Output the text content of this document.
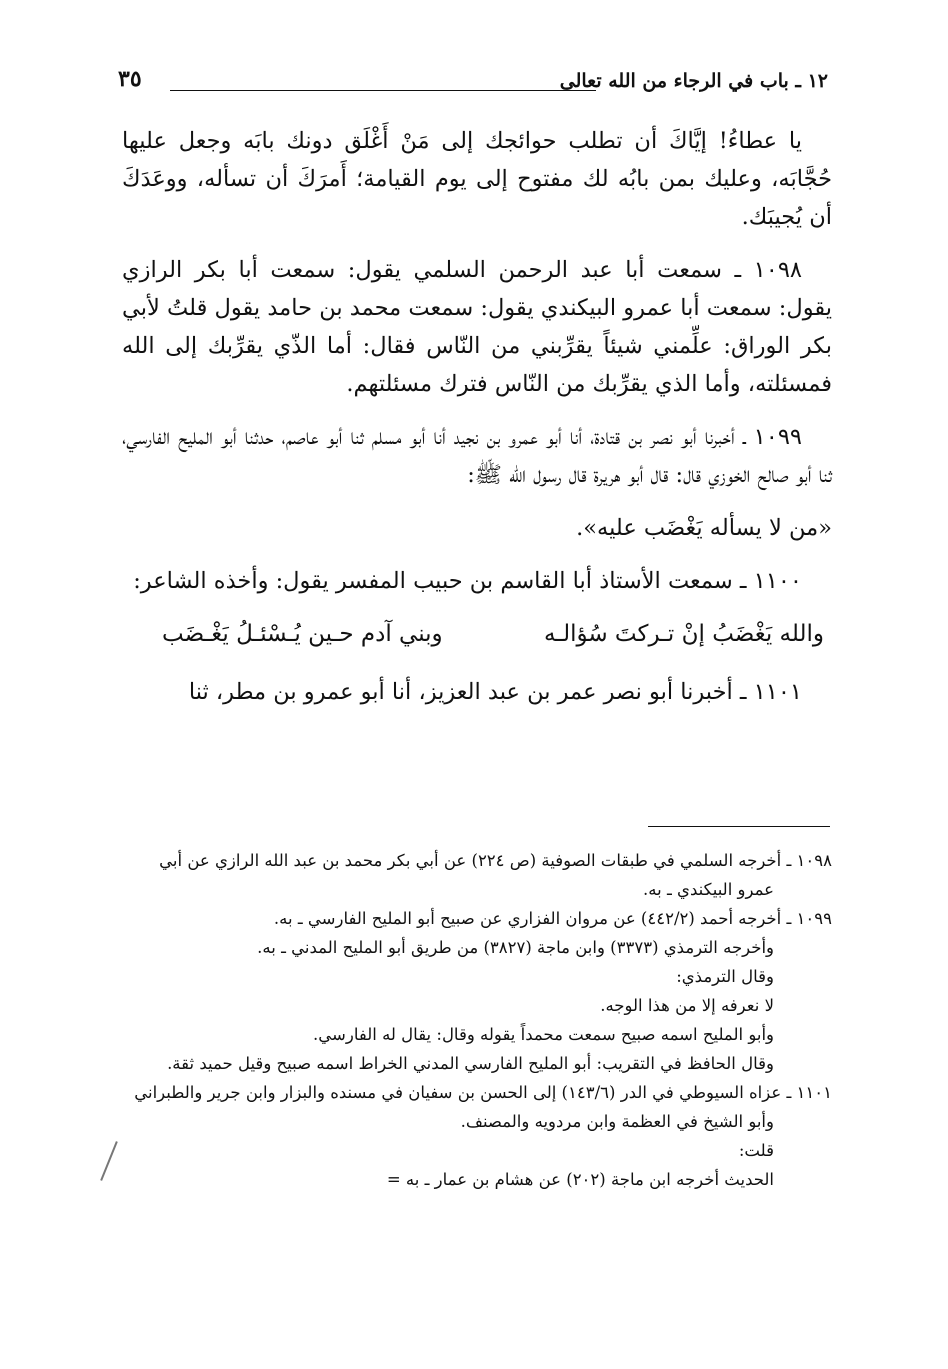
١٢ ـ باب في الرجاء من الله تعالى
٣٥

يا عطاءُ! إيَّاكَ أن تطلب حوائجك إلى مَنْ أَغْلَق دونك بابَه وجعل عليها حُجَّابَه، وعليك بمن بابُه لك مفتوح إلى يوم القيامة؛ أَمرَكَ أن تسأله، ووعَدَكَ أن يُجيبَك.

١٠٩٨ ـ سمعت أبا عبد الرحمن السلمي يقول: سمعت أبا بكر الرازي يقول: سمعت أبا عمرو البيكندي يقول: سمعت محمد بن حامد يقول قلتُ لأبي بكر الوراق: علِّمني شيئاً يقرِّبني من النّاس فقال: أما الذّي يقرِّبك إلى الله فمسئلته، وأما الذي يقرِّبك من النّاس فترك مسئلتهم.

١٠٩٩ ـ أخبرنا أبو نصر بن قتادة، أنا أبو عمرو بن نجيد أنا أبو مسلم ثنا أبو عاصم، حدثنا أبو المليح الفارسي، ثنا أبو صالح الخوزي قال: قال أبو هريرة قال رسول الله ﷺ:

«من لا يسأله يَغْضَب عليه».

١١٠٠ ـ سمعت الأستاذ أبا القاسم بن حبيب المفسر يقول: وأخذه الشاعر:

والله يَغْضَبُ إنْ تـركتَ سُؤالـه
وبني آدم حـين يُـسْئـلُ يَغْـضَب

١١٠١ ـ أخبرنا أبو نصر عمر بن عبد العزيز، أنا أبو عمرو بن مطر، ثنا

١٠٩٨ ـ أخرجه السلمي في طبقات الصوفية (ص ٢٢٤) عن أبي بكر محمد بن عبد الله الرازي عن أبي عمرو البيكندي ـ به.

١٠٩٩ ـ أخرجه أحمد (٤٤٢/٢) عن مروان الفزاري عن صبيح أبو المليح الفارسي ـ به.

وأخرجه الترمذي (٣٣٧٣) وابن ماجة (٣٨٢٧) من طريق أبو المليح المدني ـ به.

وقال الترمذي:

لا نعرفه إلا من هذا الوجه.

وأبو المليح اسمه صبيح سمعت محمداً يقوله وقال: يقال له الفارسي.

وقال الحافظ في التقريب: أبو المليح الفارسي المدني الخراط اسمه صبيح وقيل حميد ثقة.

١١٠١ ـ عزاه السيوطي في الدر (١٤٣/٦) إلى الحسن بن سفيان في مسنده والبزار وابن جرير والطبراني وأبو الشيخ في العظمة وابن مردويه والمصنف.

قلت:

الحديث أخرجه ابن ماجة (٢٠٢) عن هشام بن عمار ـ به =
